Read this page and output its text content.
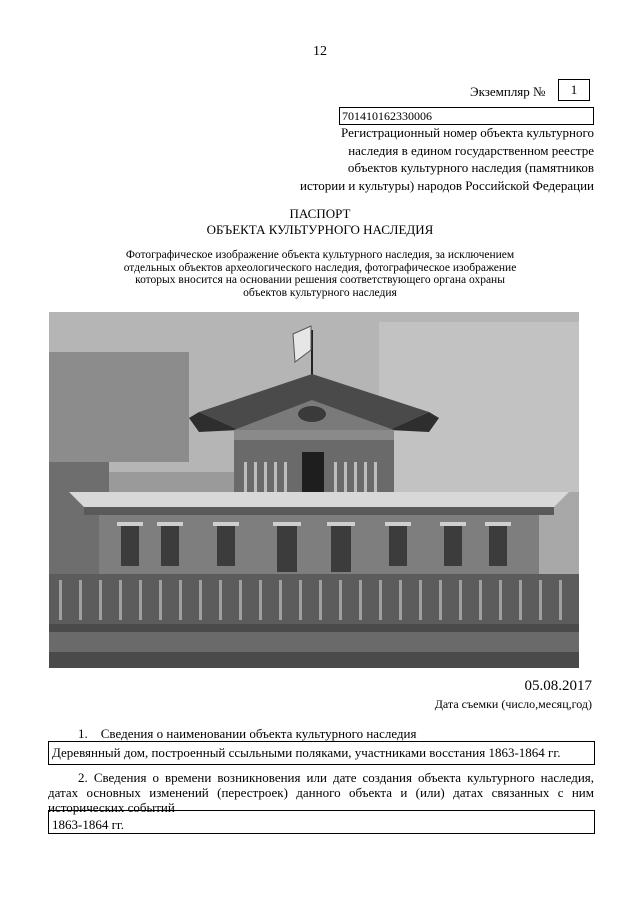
12
Экземпляр №	1
701410162330006
Регистрационный номер объекта культурного
наследия в едином государственном реестре
объектов культурного наследия (памятников
истории и культуры) народов Российской Федерации
ПАСПОРТ
ОБЪЕКТА КУЛЬТУРНОГО НАСЛЕДИЯ
Фотографическое изображение объекта культурного наследия, за исключением
отдельных объектов археологического наследия, фотографическое изображение
которых вносится на основании решения соответствующего органа охраны
объектов культурного наследия
05.08.2017
Дата съемки (число,месяц,год)
1. Сведения о наименовании объекта культурного наследия
Деревянный дом, построенный ссыльными поляками, участниками восстания 1863-1864 гг.
2. Сведения о времени возникновения или дате создания объекта культурного наследия, датах основных изменений (перестроек) данного объекта и (или) датах связанных с ним исторических событий
1863-1864 гг.
